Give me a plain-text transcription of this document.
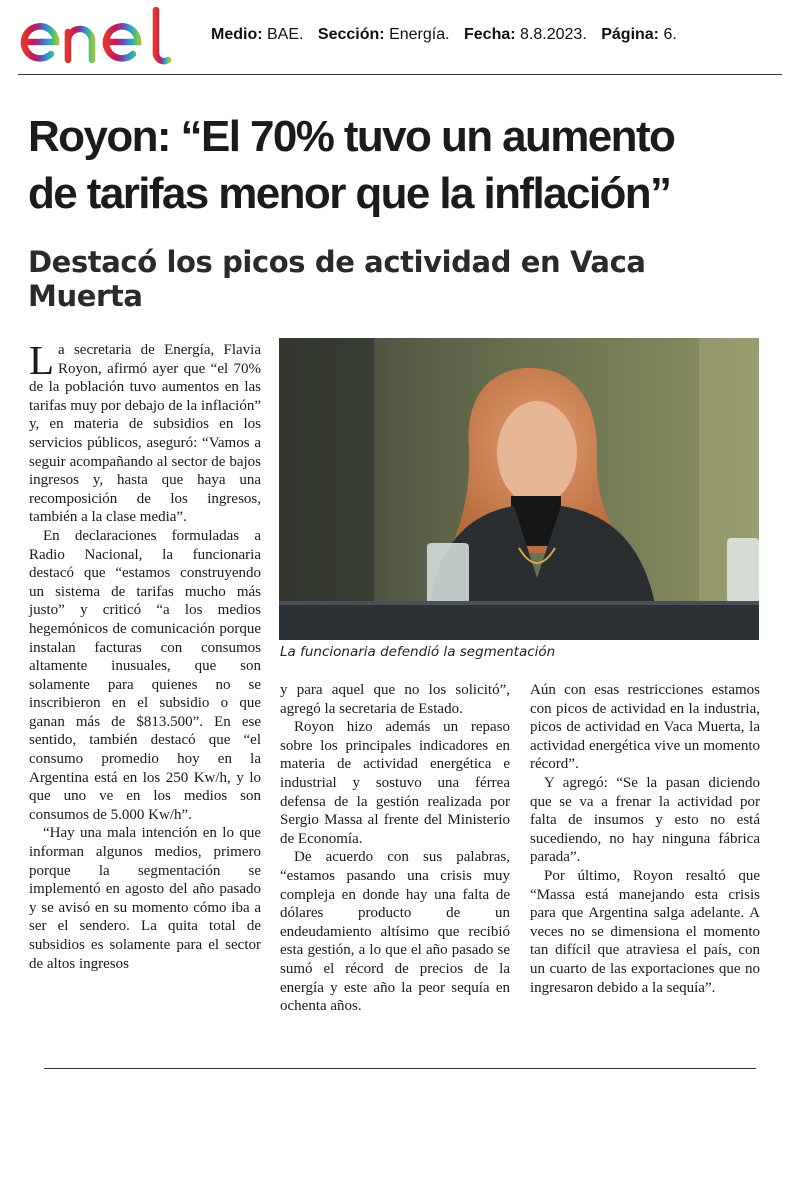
Medio: BAE. Sección: Energía. Fecha: 8.8.2023. Página: 6.
Royon: “El 70% tuvo un aumento
de tarifas menor que la inflación”
Destacó los picos de actividad en Vaca Muerta
La funcionaria defendió la segmentación

La secretaria de Energía, Flavia Royon, afirmó ayer que “el 70% de la población tuvo aumentos en las tarifas muy por debajo de la inflación” y, en materia de subsidios en los servicios públicos, aseguró: “Vamos a seguir acompañando al sector de bajos ingresos y, hasta que haya una recomposición de los ingresos, también a la clase media”.

En declaraciones formuladas a Radio Nacional, la funcionaria destacó que “estamos construyendo un sistema de tarifas mucho más justo” y criticó “a los medios hegemónicos de comunicación porque instalan facturas con consumos altamente inusuales, que son solamente para quienes no se inscribieron en el subsidio o que ganan más de $813.500”. En ese sentido, también destacó que “el consumo promedio hoy en la Argentina está en los 250 Kw/h, y lo que uno ve en los medios son consumos de 5.000 Kw/h”.

“Hay una mala intención en lo que informan algunos medios, primero porque la segmentación se implementó en agosto del año pasado y se avisó en su momento cómo iba a ser el sendero. La quita total de subsidios es solamente para el sector de altos ingresos

y para aquel que no los solicitó”, agregó la secretaria de Estado.

Royon hizo además un repaso sobre los principales indicadores en materia de actividad energética e industrial y sostuvo una férrea defensa de la gestión realizada por Sergio Massa al frente del Ministerio de Economía.

De acuerdo con sus palabras, “estamos pasando una crisis muy compleja en donde hay una falta de dólares producto de un endeudamiento altísimo que recibió esta gestión, a lo que el año pasado se sumó el récord de precios de la energía y este año la peor sequía en ochenta años.

Aún con esas restricciones estamos con picos de actividad en la industria, picos de actividad en Vaca Muerta, la actividad energética vive un momento récord”.

Y agregó: “Se la pasan diciendo que se va a frenar la actividad por falta de insumos y esto no está sucediendo, no hay ninguna fábrica parada”.

Por último, Royon resaltó que “Massa está manejando esta crisis para que Argentina salga adelante. A veces no se dimensiona el momento tan difícil que atraviesa el país, con un cuarto de las exportaciones que no ingresaron debido a la sequía”.
